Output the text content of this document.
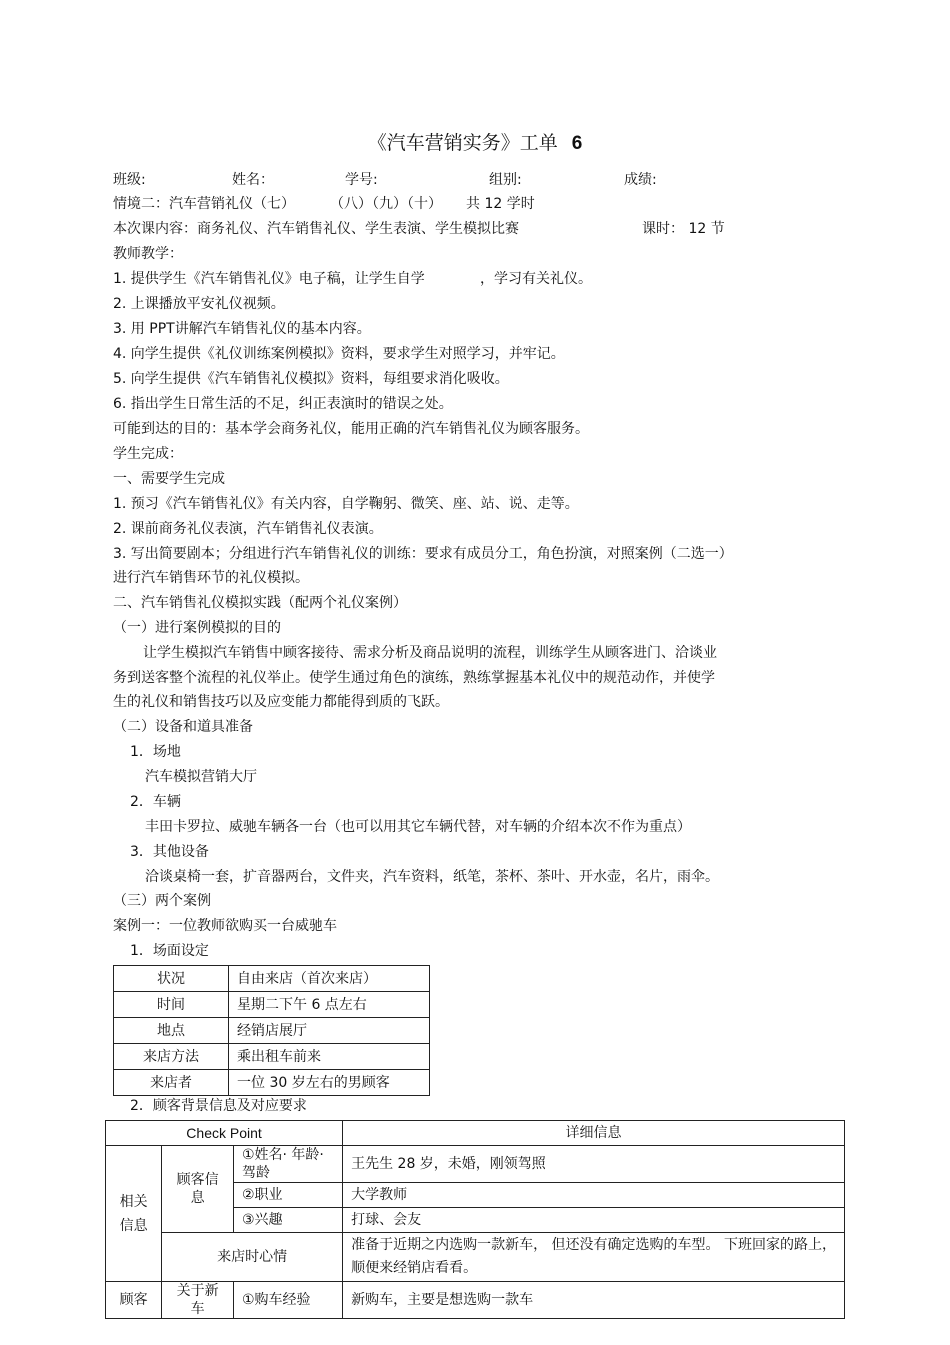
《汽车营销实务》工单 6
班级:	姓名：	学号:	组别:	成绩:
情境二：汽车营销礼仪（七）	（八）（九）（十） 共 12 学时
本次课内容：商务礼仪、汽车销售礼仪、学生表演、学生模拟比赛	课时： 12 节
教师教学：
1. 提供学生《汽车销售礼仪》电子稿，让学生自学	，学习有关礼仪。
2. 上课播放平安礼仪视频。
3. 用 PPT讲解汽车销售礼仪的基本内容。
4. 向学生提供《礼仪训练案例模拟》资料，要求学生对照学习，并牢记。
5. 向学生提供《汽车销售礼仪模拟》资料，每组要求消化吸收。
6. 指出学生日常生活的不足，纠正表演时的错误之处。
可能到达的目的：基本学会商务礼仪，能用正确的汽车销售礼仪为顾客服务。
学生完成：
一、需要学生完成
1. 预习《汽车销售礼仪》有关内容，自学鞠躬、微笑、座、站、说、走等。
2. 课前商务礼仪表演，汽车销售礼仪表演。
3. 写出简要剧本；分组进行汽车销售礼仪的训练：要求有成员分工，角色扮演，对照案例（二选一）
进行汽车销售环节的礼仪模拟。
二、汽车销售礼仪模拟实践（配两个礼仪案例）
（一）进行案例模拟的目的
让学生模拟汽车销售中顾客接待、需求分析及商品说明的流程，训练学生从顾客进门、洽谈业
务到送客整个流程的礼仪举止。使学生通过角色的演练，熟练掌握基本礼仪中的规范动作，并使学
生的礼仪和销售技巧以及应变能力都能得到质的飞跃。
（二）设备和道具准备
1．场地
汽车模拟营销大厅
2．车辆
丰田卡罗拉、威驰车辆各一台（也可以用其它车辆代替，对车辆的介绍本次不作为重点）
3．其他设备
洽谈桌椅一套，扩音器两台，文件夹，汽车资料，纸笔，茶杯、茶叶、开水壶，名片，雨伞。
（三）两个案例
案例一：一位教师欲购买一台威驰车
1．场面设定
状况	自由来店（首次来店）
时间	星期二下午 6 点左右
地点	经销店展厅
来店方法	乘出租车前来
来店者	一位 30 岁左右的男顾客
2．顾客背景信息及对应要求
Check Point			详细信息
相关信息	顾客信息	①姓名· 年龄· 驾龄	王先生 28 岁，未婚，刚领驾照
		②职业	大学教师
		③兴趣	打球、会友
	来店时心情		准备于近期之内选购一款新车， 但还没有确定选购的车型。 下班回家的路上，
顺便来经销店看看。

顾客	关于新车	①购车经验	新购车，主要是想选购一款车
